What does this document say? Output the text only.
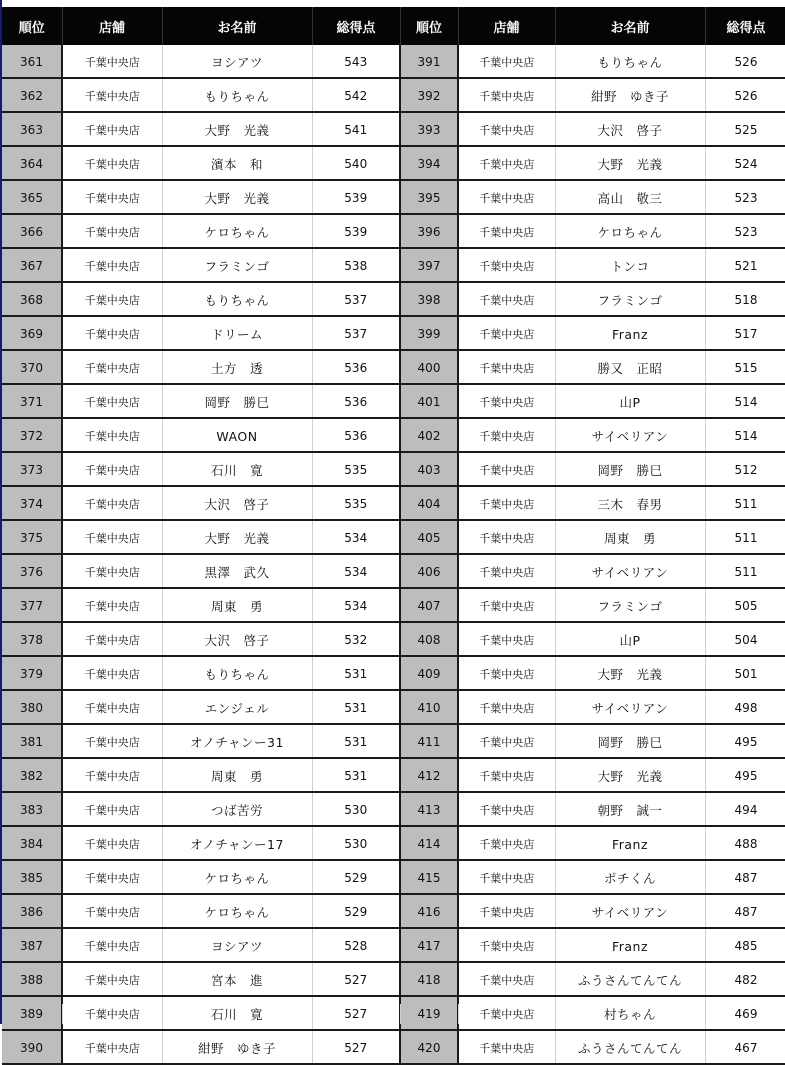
順位	店舗	お名前	総得点	順位	店舗	お名前	総得点
361	千葉中央店	ヨシアツ	543	391	千葉中央店	もりちゃん	526
362	千葉中央店	もりちゃん	542	392	千葉中央店	紺野　ゆき子	526
363	千葉中央店	大野　光義	541	393	千葉中央店	大沢　啓子	525
364	千葉中央店	濱本　和	540	394	千葉中央店	大野　光義	524
365	千葉中央店	大野　光義	539	395	千葉中央店	高山　敬三	523
366	千葉中央店	ケロちゃん	539	396	千葉中央店	ケロちゃん	523
367	千葉中央店	フラミンゴ	538	397	千葉中央店	トンコ	521
368	千葉中央店	もりちゃん	537	398	千葉中央店	フラミンゴ	518
369	千葉中央店	ドリーム	537	399	千葉中央店	Franz	517
370	千葉中央店	土方　透	536	400	千葉中央店	勝又　正昭	515
371	千葉中央店	岡野　勝巳	536	401	千葉中央店	山P	514
372	千葉中央店	WAON	536	402	千葉中央店	サイベリアン	514
373	千葉中央店	石川　寛	535	403	千葉中央店	岡野　勝巳	512
374	千葉中央店	大沢　啓子	535	404	千葉中央店	三木　春男	511
375	千葉中央店	大野　光義	534	405	千葉中央店	周東　勇	511
376	千葉中央店	黒澤　武久	534	406	千葉中央店	サイベリアン	511
377	千葉中央店	周東　勇	534	407	千葉中央店	フラミンゴ	505
378	千葉中央店	大沢　啓子	532	408	千葉中央店	山P	504
379	千葉中央店	もりちゃん	531	409	千葉中央店	大野　光義	501
380	千葉中央店	エンジェル	531	410	千葉中央店	サイベリアン	498
381	千葉中央店	オノチャンー31	531	411	千葉中央店	岡野　勝巳	495
382	千葉中央店	周東　勇	531	412	千葉中央店	大野　光義	495
383	千葉中央店	つば苦労	530	413	千葉中央店	朝野　誠一	494
384	千葉中央店	オノチャンー17	530	414	千葉中央店	Franz	488
385	千葉中央店	ケロちゃん	529	415	千葉中央店	ポチくん	487
386	千葉中央店	ケロちゃん	529	416	千葉中央店	サイベリアン	487
387	千葉中央店	ヨシアツ	528	417	千葉中央店	Franz	485
388	千葉中央店	宮本　進	527	418	千葉中央店	ふうさんてんてん	482
389	千葉中央店	石川　寛	527	419	千葉中央店	村ちゃん	469
390	千葉中央店	紺野　ゆき子	527	420	千葉中央店	ふうさんてんてん	467
